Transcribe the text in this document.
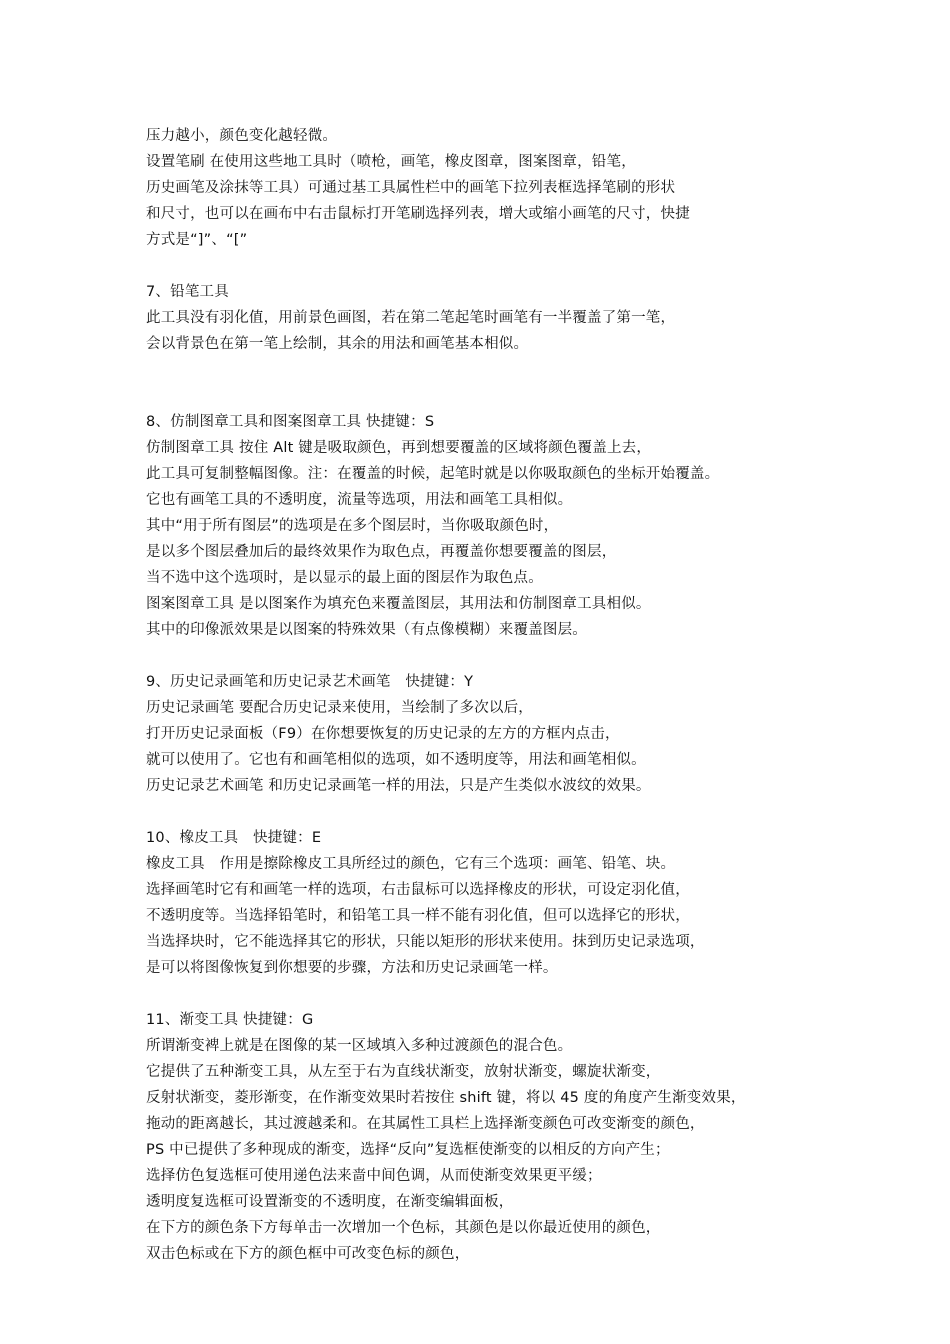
压力越小，颜色变化越轻微。
设置笔刷 在使用这些地工具时（喷枪，画笔，橡皮图章，图案图章，铅笔，
历史画笔及涂抹等工具）可通过基工具属性栏中的画笔下拉列表框选择笔刷的形状
和尺寸，也可以在画布中右击鼠标打开笔刷选择列表，增大或缩小画笔的尺寸，快捷
方式是“]”、“[”
7、铅笔工具
此工具没有羽化值，用前景色画图，若在第二笔起笔时画笔有一半覆盖了第一笔，
会以背景色在第一笔上绘制，其余的用法和画笔基本相似。
8、仿制图章工具和图案图章工具 快捷键：S
仿制图章工具 按住 Alt 键是吸取颜色，再到想要覆盖的区域将颜色覆盖上去，
此工具可复制整幅图像。注：在覆盖的时候，起笔时就是以你吸取颜色的坐标开始覆盖。
它也有画笔工具的不透明度，流量等选项，用法和画笔工具相似。
其中“用于所有图层”的选项是在多个图层时，当你吸取颜色时，
是以多个图层叠加后的最终效果作为取色点，再覆盖你想要覆盖的图层，
当不选中这个选项时，是以显示的最上面的图层作为取色点。
图案图章工具 是以图案作为填充色来覆盖图层，其用法和仿制图章工具相似。
其中的印像派效果是以图案的特殊效果（有点像模糊）来覆盖图层。
9、历史记录画笔和历史记录艺术画笔　快捷键：Y
历史记录画笔 要配合历史记录来使用，当绘制了多次以后，
打开历史记录面板（F9）在你想要恢复的历史记录的左方的方框内点击，
就可以使用了。它也有和画笔相似的选项，如不透明度等，用法和画笔相似。
历史记录艺术画笔 和历史记录画笔一样的用法，只是产生类似水波纹的效果。
10、橡皮工具　快捷键：E
橡皮工具　作用是擦除橡皮工具所经过的颜色，它有三个选项：画笔、铅笔、块。
选择画笔时它有和画笔一样的选项，右击鼠标可以选择橡皮的形状，可设定羽化值，
不透明度等。当选择铅笔时，和铅笔工具一样不能有羽化值，但可以选择它的形状，
当选择块时，它不能选择其它的形状，只能以矩形的形状来使用。抹到历史记录选项，
是可以将图像恢复到你想要的步骤，方法和历史记录画笔一样。
11、渐变工具 快捷键：G
所谓渐变裨上就是在图像的某一区域填入多种过渡颜色的混合色。
它提供了五种渐变工具，从左至于右为直线状渐变，放射状渐变，螺旋状渐变，
反射状渐变，菱形渐变，在作渐变效果时若按住 shift 键，将以 45 度的角度产生渐变效果，
拖动的距离越长，其过渡越柔和。在其属性工具栏上选择渐变颜色可改变渐变的颜色，
PS 中已提供了多种现成的渐变，选择“反向”复选框使渐变的以相反的方向产生；
选择仿色复选框可使用递色法来啬中间色调，从而使渐变效果更平缓；
透明度复选框可设置渐变的不透明度，在渐变编辑面板，
在下方的颜色条下方每单击一次增加一个色标，其颜色是以你最近使用的颜色，
双击色标或在下方的颜色框中可改变色标的颜色，
